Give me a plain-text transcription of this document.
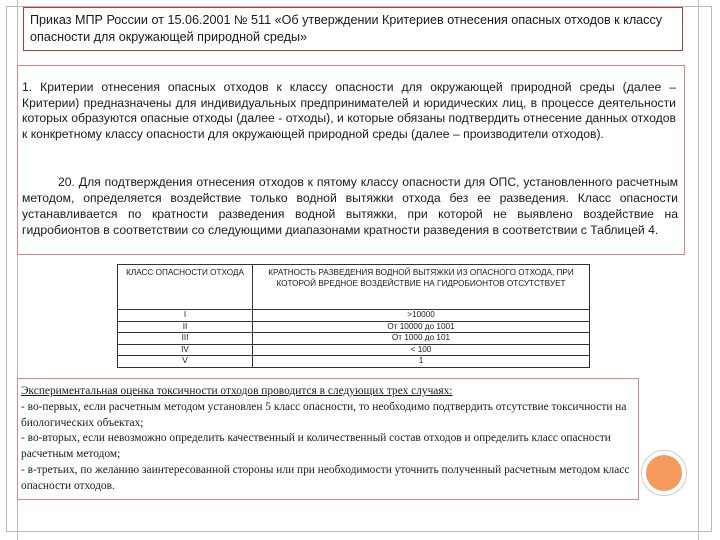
Приказ МПР России от 15.06.2001 № 511 «Об утверждении Критериев отнесения опасных отходов к классу опасности для окружающей природной среды»
1. Критерии отнесения опасных отходов к классу опасности для окружающей природной среды (далее – Критерии) предназначены для индивидуальных предпринимателей и юридических лиц, в процессе деятельности которых образуются опасные отходы (далее - отходы), и которые обязаны подтвердить отнесение данных отходов к конкретному классу опасности для окружающей природной среды (далее – производители отходов).
20. Для подтверждения отнесения отходов к пятому классу опасности для ОПС, установленного расчетным методом, определяется воздействие только водной вытяжки отхода без ее разведения. Класс опасности устанавливается по кратности разведения водной вытяжки, при которой не выявлено воздействие на гидробионтов в соответствии со следующими диапазонами кратности разведения в соответствии с Таблицей 4.
КЛАСС ОПАСНОСТИ ОТХОДА	КРАТНОСТЬ РАЗВЕДЕНИЯ ВОДНОЙ ВЫТЯЖКИ ИЗ ОПАСНОГО ОТХОДА, ПРИ КОТОРОЙ ВРЕДНОЕ ВОЗДЕЙСТВИЕ НА ГИДРОБИОНТОВ ОТСУТСТВУЕТ
I	>10000
II	От 10000 до 1001
III	От 1000 до 101
IV	< 100
V	1
Экспериментальная оценка токсичности отходов проводится в следующих трех случаях:
- во-первых, если расчетным методом установлен 5 класс опасности, то необходимо подтвердить отсутствие токсичности на биологических объектах;
- во-вторых, если невозможно определить качественный и количественный состав отходов и определить класс опасности расчетным методом;
- в-третьих, по желанию заинтересованной стороны или при необходимости уточнить полученный расчетным методом класс опасности отходов.
